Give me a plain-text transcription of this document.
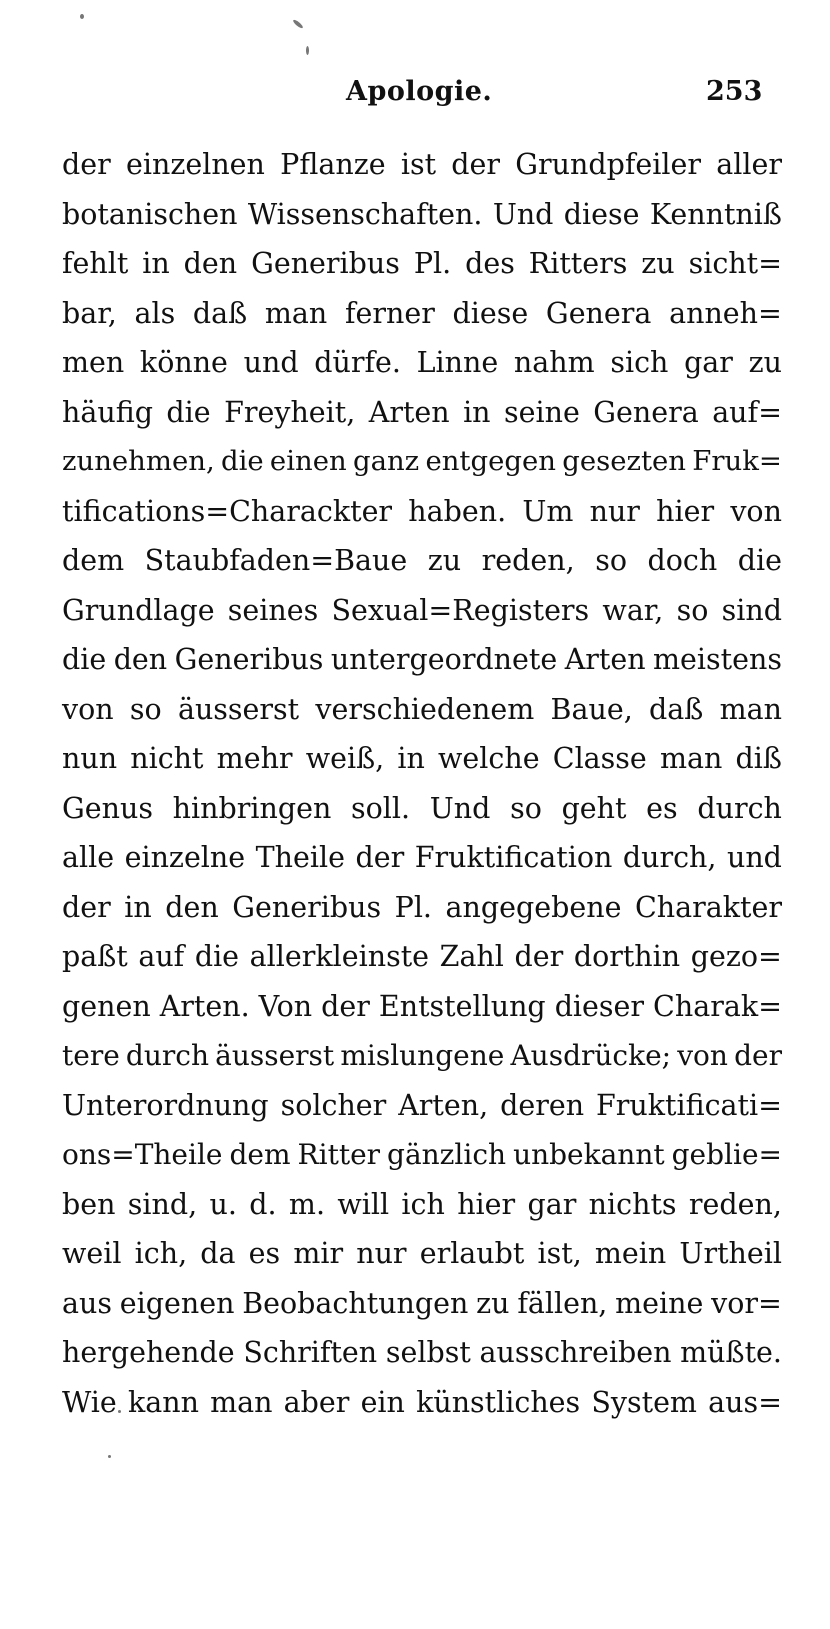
Apologie.	253
der einzelnen Pflanze ist der Grundpfeiler aller
botanischen Wissenschaften. Und diese Kenntniß
fehlt in den Generibus Pl. des Ritters zu sicht=
bar, als daß man ferner diese Genera anneh=
men könne und dürfe. Linne nahm sich gar zu
häufig die Freyheit, Arten in seine Genera auf=
zunehmen, die einen ganz entgegen gesezten Fruk=
tifications=Charackter haben. Um nur hier von
dem Staubfaden=Baue zu reden, so doch die
Grundlage seines Sexual=Registers war, so sind
die den Generibus untergeordnete Arten meistens
von so äusserst verschiedenem Baue, daß man
nun nicht mehr weiß, in welche Classe man diß
Genus hinbringen soll. Und so geht es durch
alle einzelne Theile der Fruktification durch, und
der in den Generibus Pl. angegebene Charakter
paßt auf die allerkleinste Zahl der dorthin gezo=
genen Arten. Von der Entstellung dieser Charak=
tere durch äusserst mislungene Ausdrücke; von der
Unterordnung solcher Arten, deren Fruktificati=
ons=Theile dem Ritter gänzlich unbekannt geblie=
ben sind, u. d. m. will ich hier gar nichts reden,
weil ich, da es mir nur erlaubt ist, mein Urtheil
aus eigenen Beobachtungen zu fällen, meine vor=
hergehende Schriften selbst ausschreiben müßte.
Wie kann man aber ein künstliches System aus=
